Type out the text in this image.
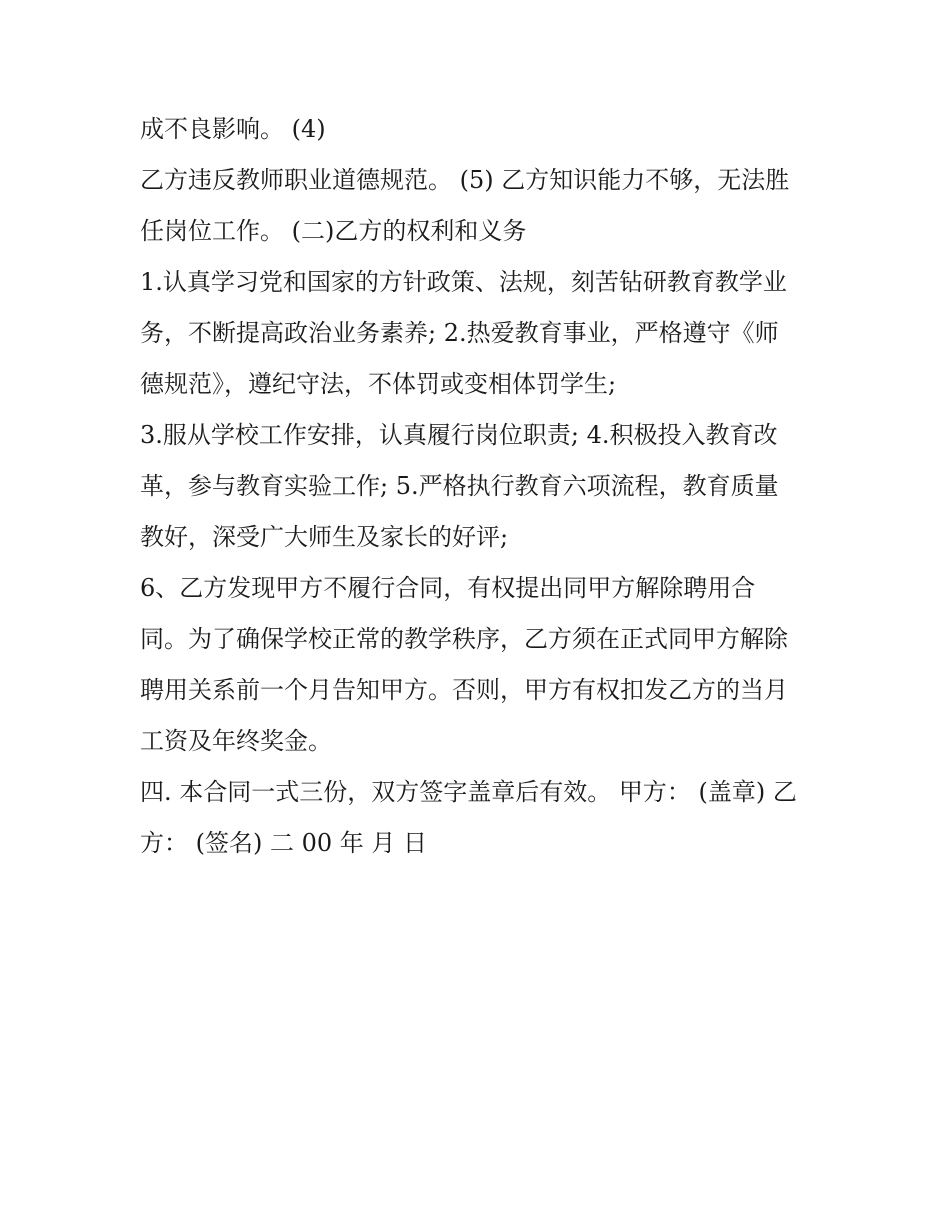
成不良影响。 (4)
乙方违反教师职业道德规范。 (5) 乙方知识能力不够，无法胜
任岗位工作。 (二)乙方的权利和义务
1.认真学习党和国家的方针政策、法规，刻苦钻研教育教学业
务，不断提高政治业务素养; 2.热爱教育事业，严格遵守《师
德规范》，遵纪守法，不体罚或变相体罚学生;
3.服从学校工作安排，认真履行岗位职责; 4.积极投入教育改
革，参与教育实验工作; 5.严格执行教育六项流程，教育质量
教好，深受广大师生及家长的好评;
6、乙方发现甲方不履行合同，有权提出同甲方解除聘用合
同。为了确保学校正常的教学秩序，乙方须在正式同甲方解除
聘用关系前一个月告知甲方。否则，甲方有权扣发乙方的当月
工资及年终奖金。
四. 本合同一式三份，双方签字盖章后有效。 甲方： (盖章) 乙
方： (签名) 二 00 年 月 日
